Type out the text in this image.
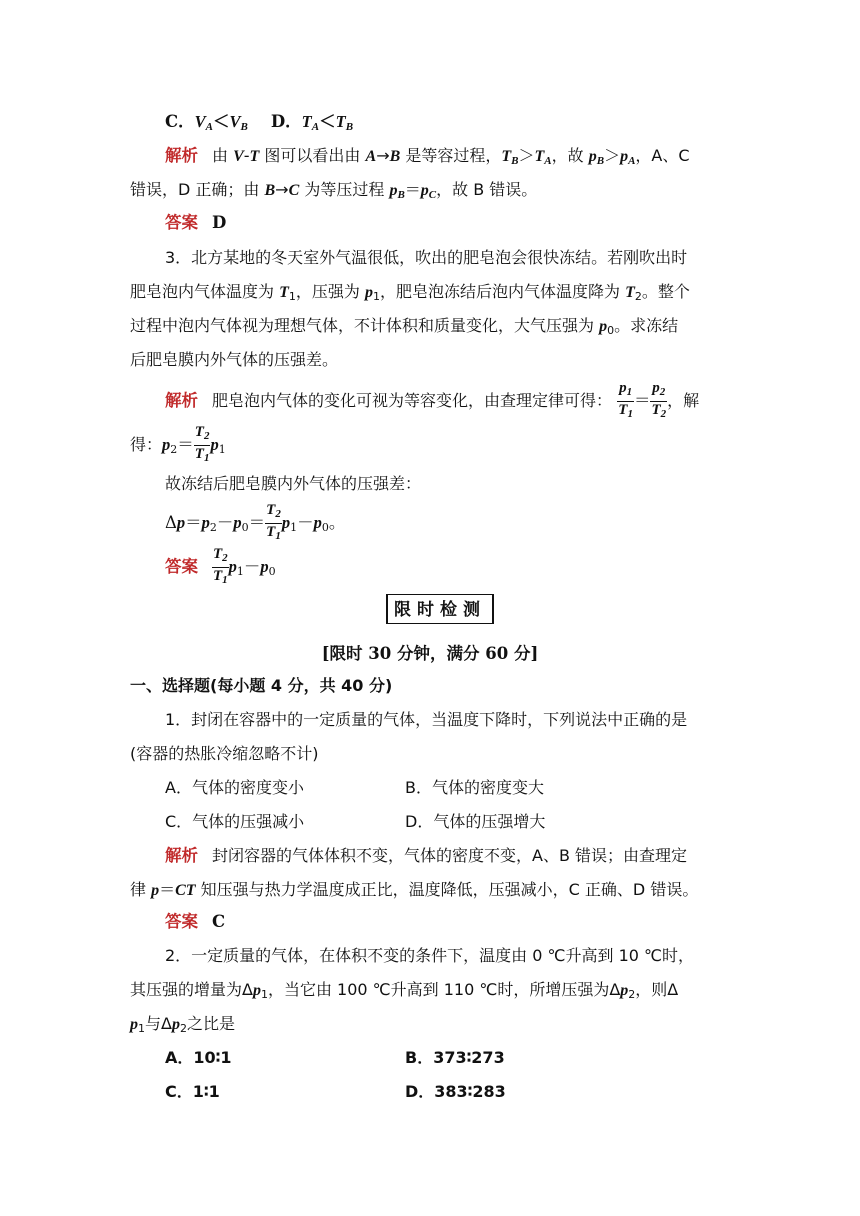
C．$V_A<V_B$ D．$T_A<T_B$
解析 由 V-T 图可以看出由 A→B 是等容过程，$T_B>T_A$，故 $p_B>p_A$，A、C
错误，D 正确；由 B→C 为等压过程 $p_B=p_C$，故 B 错误。
答案 D
3．北方某地的冬天室外气温很低，吹出的肥皂泡会很快冻结。若刚吹出时
肥皂泡内气体温度为 $T_1$，压强为 $p_1$，肥皂泡冻结后泡内气体温度降为 $T_2$。整个
过程中泡内气体视为理想气体，不计体积和质量变化，大气压强为 $p_0$。求冻结
后肥皂膜内外气体的压强差。
解析 肥皂泡内气体的变化可视为等容变化，由查理定律可得： $\frac{p_1}{T_1} = \frac{p_2}{T_2}$ ，解
得：$p_2= \frac{T_2}{T_1} p_1$
故冻结后肥皂膜内外气体的压强差：
$\Delta p=p_2-p_0= \frac{T_2}{T_1} p_1-p_0$。
答案 $\frac{T_2}{T_1} p_1-p_0$
限时检测
[限时 30 分钟，满分 60 分]
一、选择题(每小题 4 分，共 40 分)
1．封闭在容器中的一定质量的气体，当温度下降时，下列说法中正确的是
(容器的热胀冷缩忽略不计)
A．气体的密度变小	B．气体的密度变大
C．气体的压强减小	D．气体的压强增大
解析 封闭容器的气体体积不变，气体的密度不变，A、B 错误；由查理定
律 p＝CT 知压强与热力学温度成正比，温度降低，压强减小，C 正确、D 错误。
答案 C
2．一定质量的气体，在体积不变的条件下，温度由 0 ℃升高到 10 ℃时，
其压强的增量为$\Delta p_1$，当它由 100 ℃升高到 110 ℃时，所增压强为$\Delta p_2$，则Δ
$p_1$与$\Delta p_2$之比是
A．10∶1	B．373∶273
C．1∶1	D．383∶283
